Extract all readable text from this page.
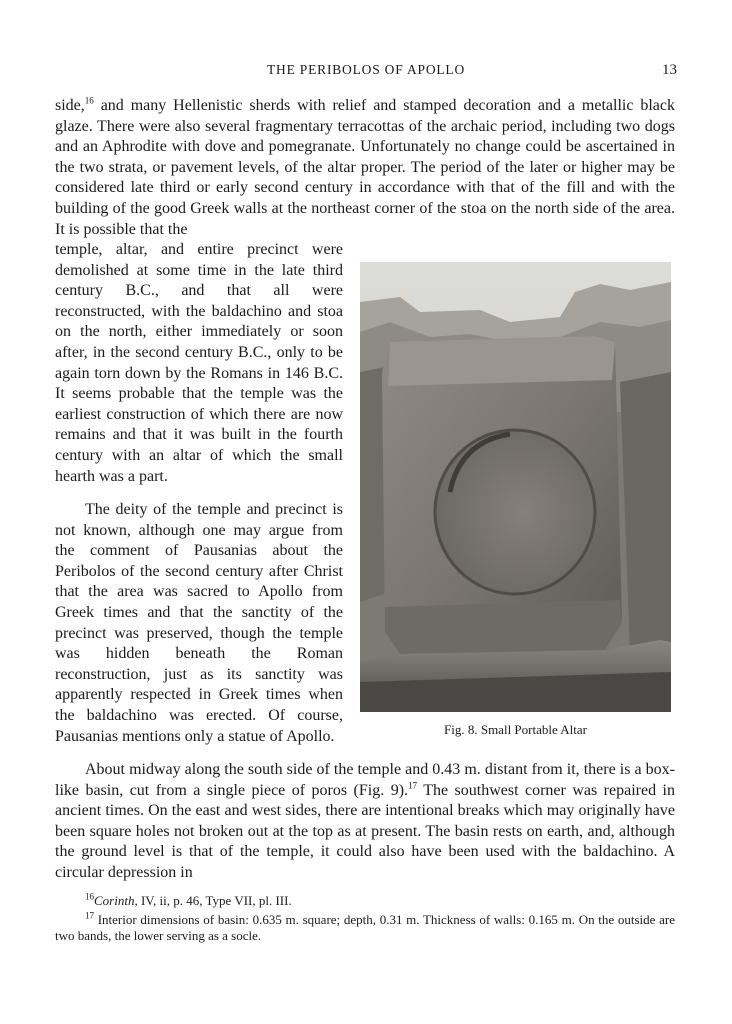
THE PERIBOLOS OF APOLLO	13

side,$^{16}$ and many Hellenistic sherds with relief and stamped decoration and a metallic black glaze. There were also several fragmentary terracottas of the archaic period, including two dogs and an Aphrodite with dove and pomegranate. Unfortunately no change could be ascertained in the two strata, or pavement levels, of the altar proper. The period of the later or higher may be considered late third or early second century in accordance with that of the fill and with the building of the good Greek walls at the northeast corner of the stoa on the north side of the area. It is possible that the

temple, altar, and entire precinct were demolished at some time in the late third century B.C., and that all were reconstructed, with the baldachino and stoa on the north, either immediately or soon after, in the second century B.C., only to be again torn down by the Romans in 146 B.C. It seems probable that the temple was the earliest construction of which there are now remains and that it was built in the fourth century with an altar of which the small hearth was a part.

The deity of the temple and precinct is not known, although one may argue from the comment of Pausanias about the Peribolos of the second century after Christ that the area was sacred to Apollo from Greek times and that the sanctity of the precinct was preserved, though the temple was hidden beneath the Roman reconstruction, just as its sanctity was apparently respected in Greek times when the baldachino was erected. Of course, Pausanias mentions only a statue of Apollo.	Fig. 8. Small Portable Altar

About midway along the south side of the temple and 0.43 m. distant from it, there is a box-like basin, cut from a single piece of poros (Fig. 9).$^{17}$ The southwest corner was repaired in ancient times. On the east and west sides, there are intentional breaks which may originally have been square holes not broken out at the top as at present. The basin rests on earth, and, although the ground level is that of the temple, it could also have been used with the baldachino. A circular depression in

$^{16}$Corinth, IV, ii, p. 46, Type VII, pl. III.

$^{17}$ Interior dimensions of basin: 0.635 m. square; depth, 0.31 m. Thickness of walls: 0.165 m. On the outside are two bands, the lower serving as a socle.
